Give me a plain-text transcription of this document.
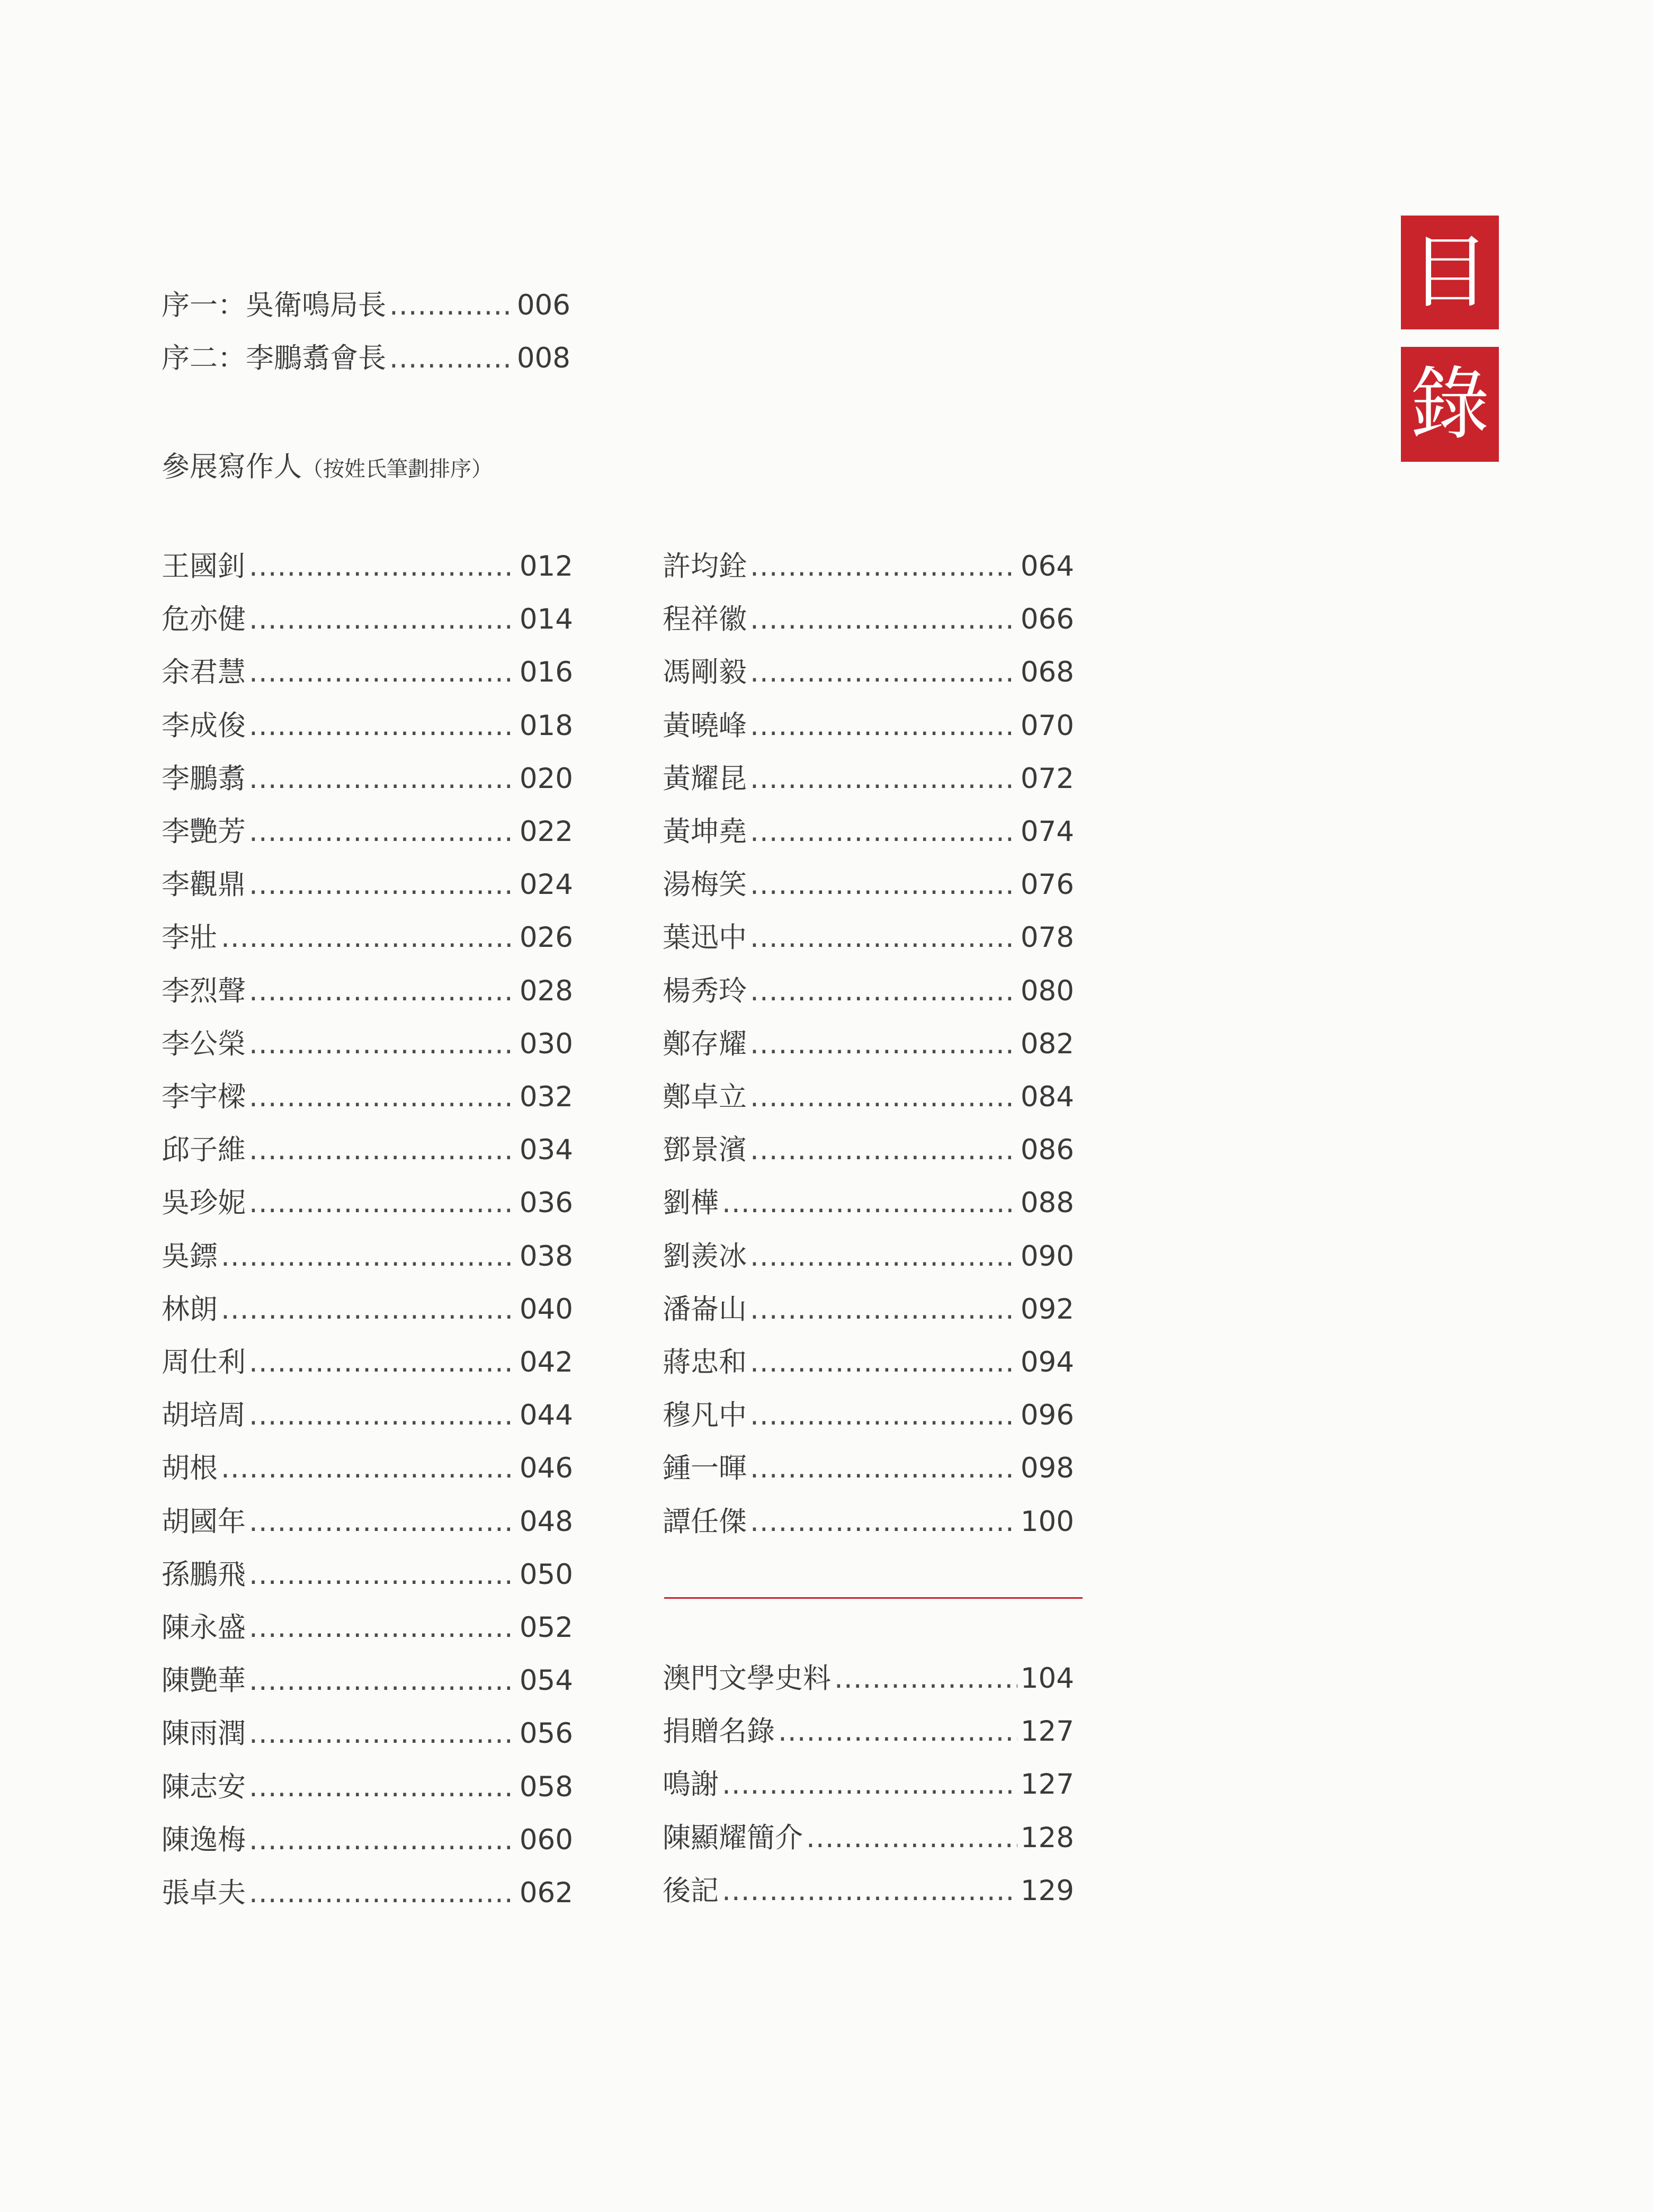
目
錄
序一：吳衛鳴局長 .....	006
序二：李鵬翥會長 .....	008
參展寫作人（按姓氏筆劃排序）
王國釗 .....	012
危亦健 .....	014
余君慧 .....	016
李成俊 .....	018
李鵬翥 .....	020
李艷芳 .....	022
李觀鼎 .....	024
李壯 .....	026
李烈聲 .....	028
李公榮 .....	030
李宇樑 .....	032
邱子維 .....	034
吳珍妮 .....	036
吳鏢 .....	038
林朗 .....	040
周仕利 .....	042
胡培周 .....	044
胡根 .....	046
胡國年 .....	048
孫鵬飛 .....	050
陳永盛 .....	052
陳艷華 .....	054
陳雨潤 .....	056
陳志安 .....	058
陳逸梅 .....	060
張卓夫 .....	062
許均銓 .....	064
程祥徽 .....	066
馮剛毅 .....	068
黃曉峰 .....	070
黃耀昆 .....	072
黃坤堯 .....	074
湯梅笑 .....	076
葉迅中 .....	078
楊秀玲 .....	080
鄭存耀 .....	082
鄭卓立 .....	084
鄧景濱 .....	086
劉樺 .....	088
劉羨冰 .....	090
潘崙山 .....	092
蔣忠和 .....	094
穆凡中 .....	096
鍾一暉 .....	098
譚任傑 .....	100
澳門文學史料 .....	104
捐贈名錄 .....	127
鳴謝 .....	127
陳顯耀簡介 .....	128
後記 .....	129
